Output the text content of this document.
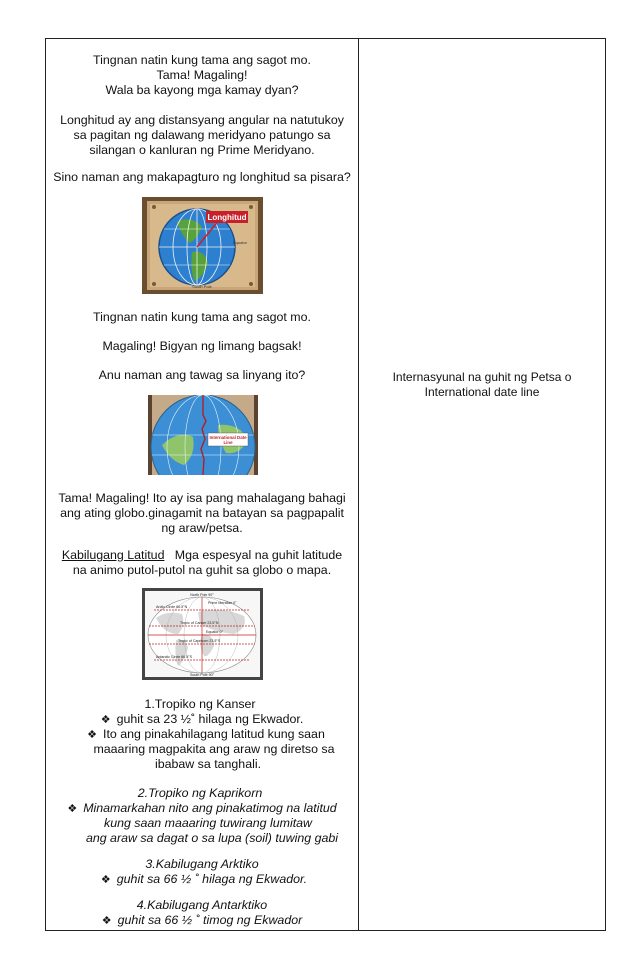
Tingnan natin kung tama ang sagot mo.

Tama! Magaling!

Wala ba kayong mga kamay dyan?

Longhitud ay ang distansyang angular na natutukoy

sa pagitan ng dalawang meridyano patungo sa

silangan o kanluran ng Prime Meridyano.

Sino naman ang makapagturo ng longhitud sa pisara?

Longhitud
Equator
South Pole

Tingnan natin kung tama ang sagot mo.

Magaling! Bigyan ng limang bagsak!

Anu naman ang tawag sa linyang ito?

International Date
Line

Tama! Magaling! Ito ay isa pang mahalagang bahagi

ang ating globo.ginagamit na batayan sa pagpapalit

ng araw/petsa.

Kabilugang Latitud   Mga espesyal na guhit latitude

na animo putol-putol na guhit sa globo o mapa.

North Pole 90°
Arctic Circle 66.5°N
Prime Meridian 0°
Tropic of Cancer 23.5°N
Equator 0°
Tropic of Capricorn 23.5°S
Antarctic Circle 66.5°S
South Pole 90°

1.Tropiko ng Kanser

❖ guhit sa 23 ½˚ hilaga ng Ekwador.

❖ Ito ang pinakahilagang latitud kung saan

maaaring magpakita ang araw ng diretso sa

ibabaw sa tanghali.

2.Tropiko ng Kaprikorn

❖ Minamarkahan nito ang pinakatimog na latitud

kung saan maaaring tuwirang lumitaw

ang araw sa dagat o sa lupa (soil) tuwing gabi

3.Kabilugang Arktiko

❖ guhit sa 66 ½ ˚ hilaga ng Ekwador.

4.Kabilugang Antarktiko

❖ guhit sa 66 ½ ˚ timog ng Ekwador

Internasyunal na guhit ng Petsa o
International date line
